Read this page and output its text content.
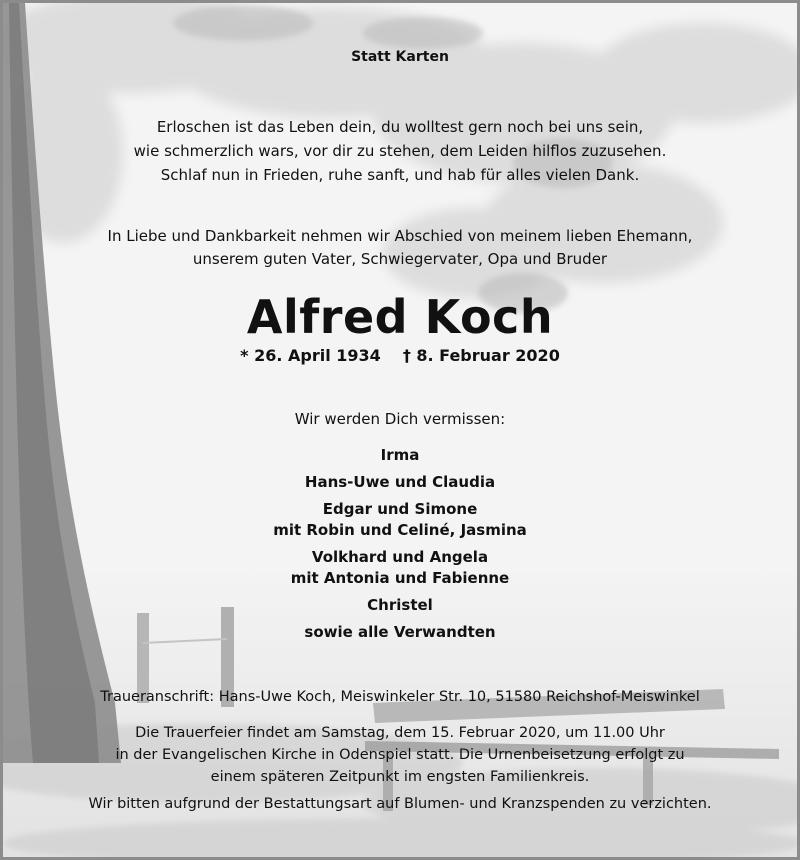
Statt Karten

Erloschen ist das Leben dein, du wolltest gern noch bei uns sein,
wie schmerzlich wars, vor dir zu stehen, dem Leiden hilflos zuzusehen.
Schlaf nun in Frieden, ruhe sanft, und hab für alles vielen Dank.

In Liebe und Dankbarkeit nehmen wir Abschied von meinem lieben Ehemann,
unserem guten Vater, Schwiegervater, Opa und Bruder

Alfred Koch

* 26. April 1934 † 8. Februar 2020

Wir werden Dich vermissen:

Irma
Hans-Uwe und Claudia
Edgar und Simone
mit Robin und Celiné, Jasmina
Volkhard und Angela
mit Antonia und Fabienne
Christel
sowie alle Verwandten

Traueranschrift: Hans-Uwe Koch, Meiswinkeler Str. 10, 51580 Reichshof-Meiswinkel

Die Trauerfeier findet am Samstag, dem 15. Februar 2020, um 11.00 Uhr
in der Evangelischen Kirche in Odenspiel statt. Die Urnenbeisetzung erfolgt zu
einem späteren Zeitpunkt im engsten Familienkreis.

Wir bitten aufgrund der Bestattungsart auf Blumen- und Kranzspenden zu verzichten.
